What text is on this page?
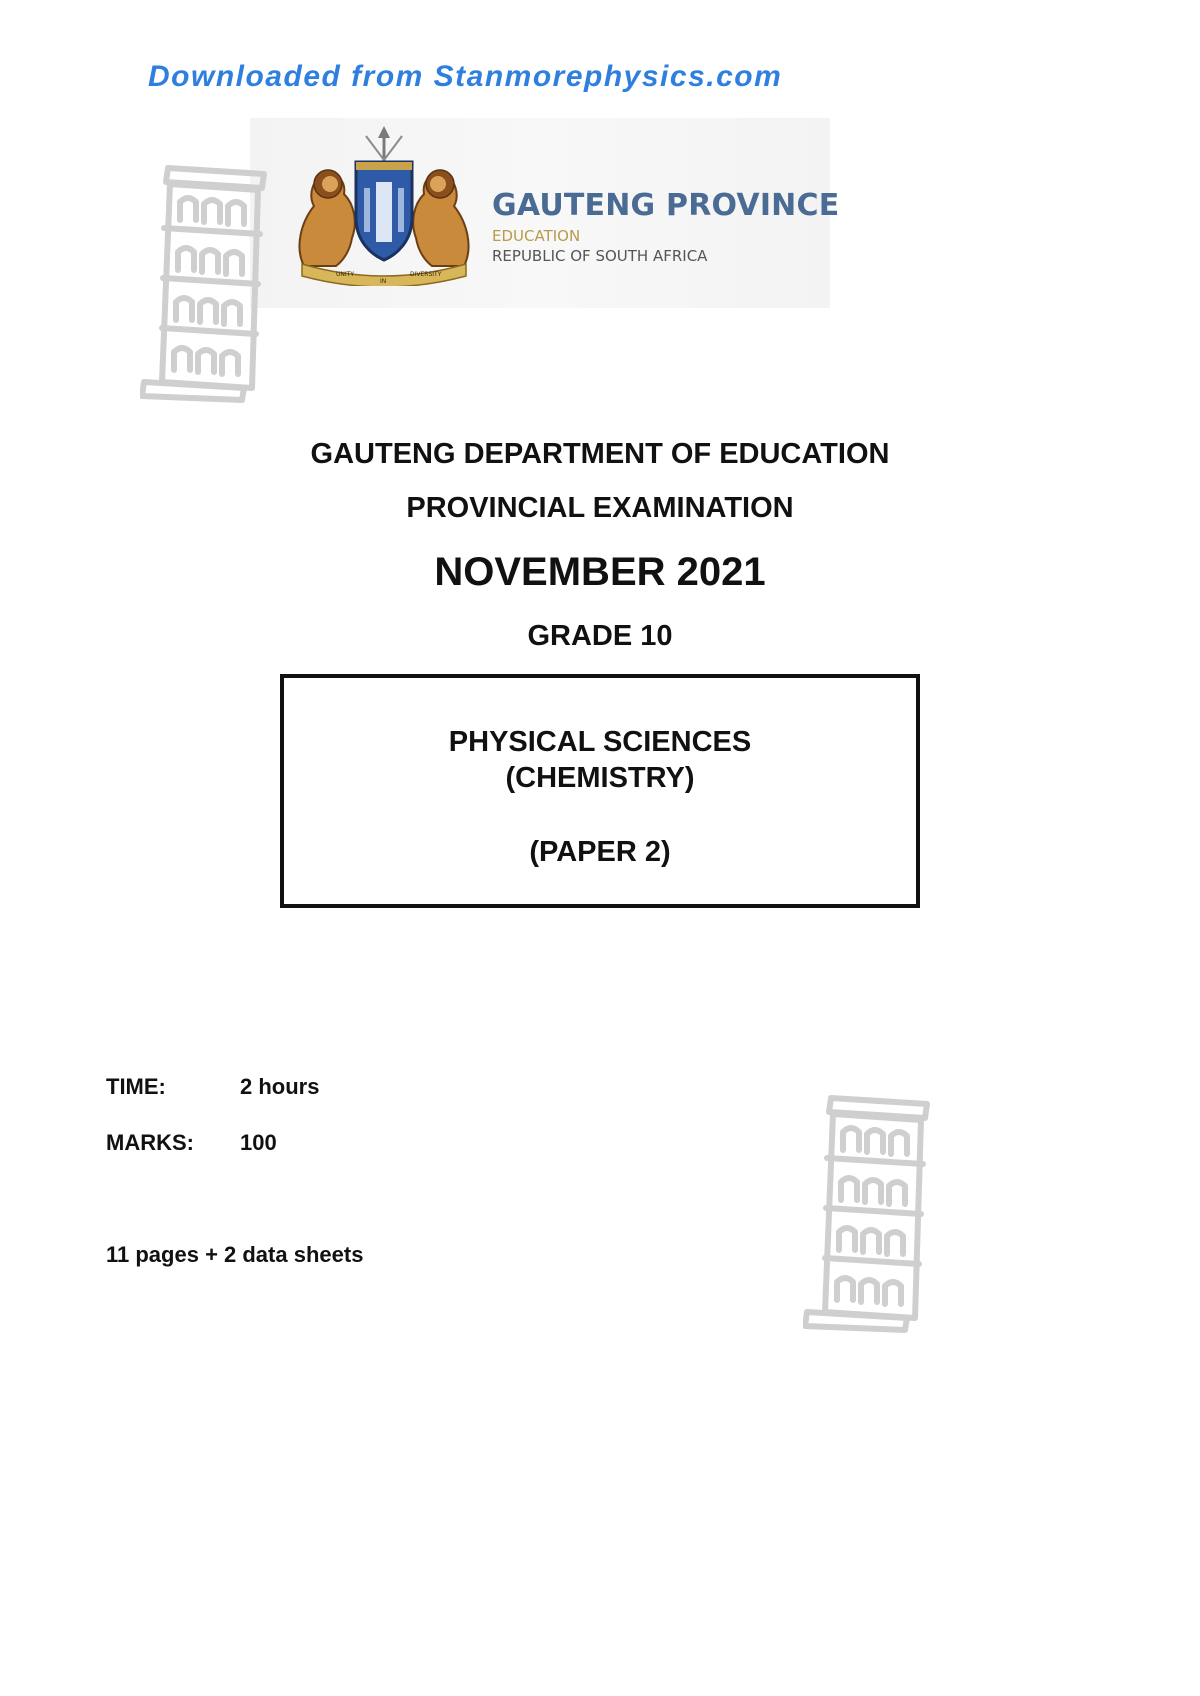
Downloaded from Stanmorephysics.com
UNITY
IN
DIVERSITY
GAUTENG PROVINCE
EDUCATION
REPUBLIC OF SOUTH AFRICA
GAUTENG DEPARTMENT OF EDUCATION
PROVINCIAL EXAMINATION
NOVEMBER 2021
GRADE 10
PHYSICAL SCIENCES
(CHEMISTRY)
(PAPER 2)
TIME:	2 hours
MARKS: 100
11 pages + 2 data sheets
